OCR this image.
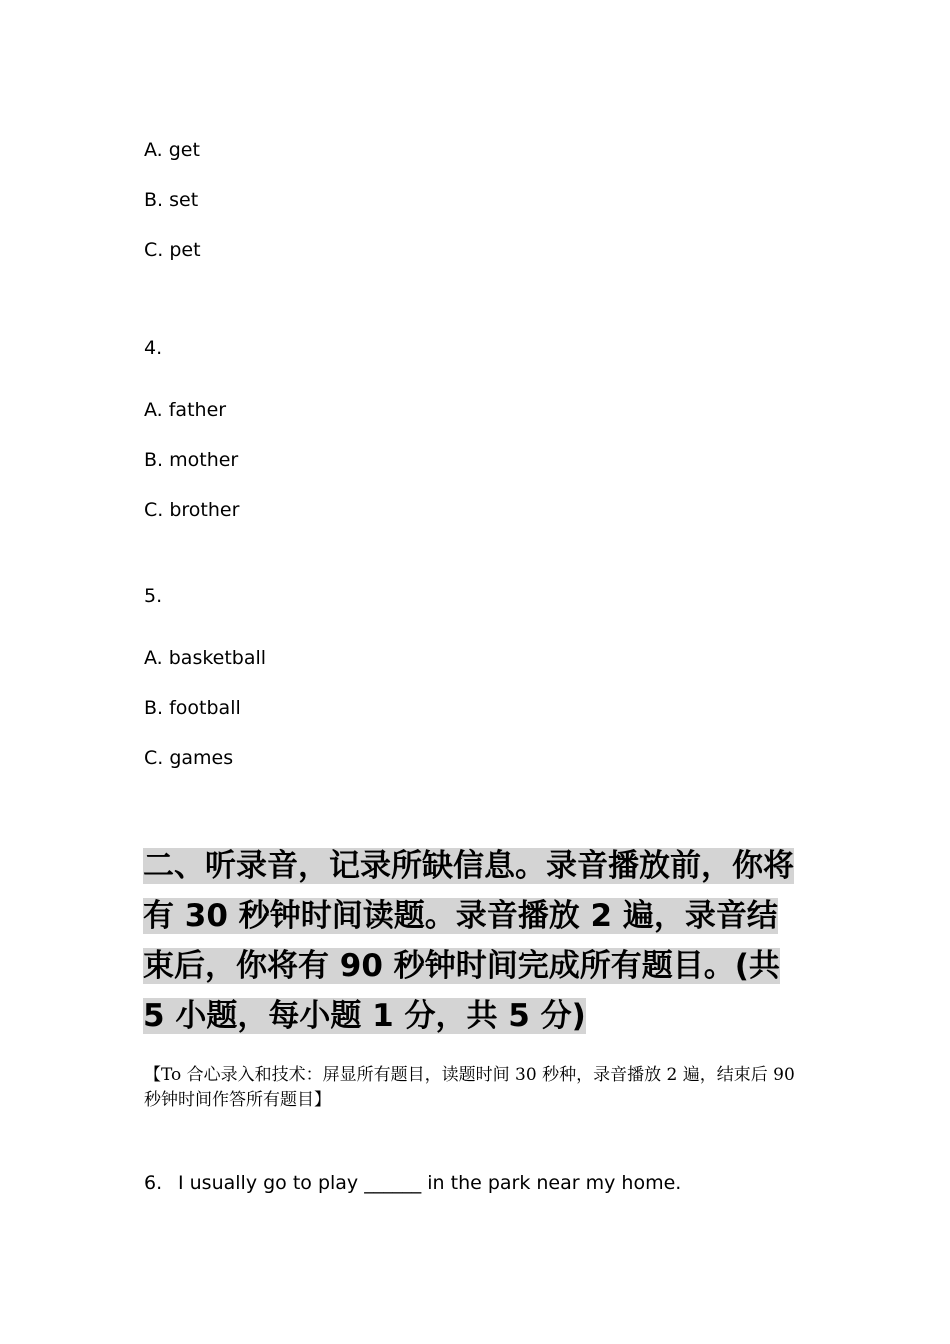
A. get
B. set
C. pet
4.
A. father
B. mother
C. brother
5.
A. basketball
B. football
C. games

二、听录音，记录所缺信息。录音播放前，你将有 30 秒钟时间读题。录音播放 2 遍，录音结束后，你将有 90 秒钟时间完成所有题目。(共 5 小题，每小题 1 分，共 5 分)

【To 合心录入和技术：屏显所有题目，读题时间 30 秒种，录音播放 2 遍，结束后 90 秒钟时间作答所有题目】

6. I usually go to play ______ in the park near my home.
